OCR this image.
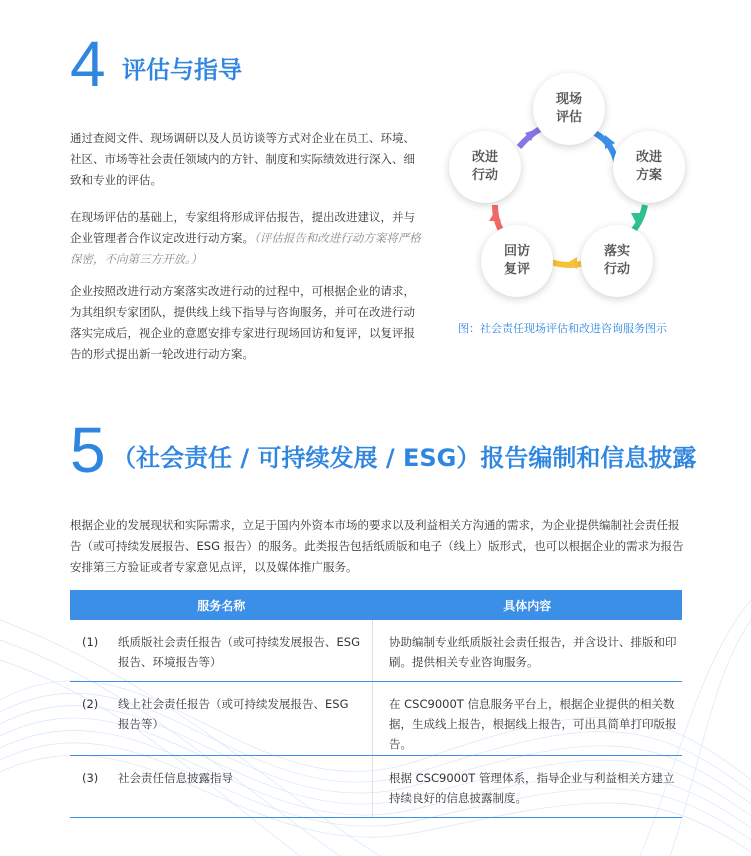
4 评估与指导
通过查阅文件、现场调研以及人员访谈等方式对企业在员工、环境、社区、市场等社会责任领域内的方针、制度和实际绩效进行深入、细致和专业的评估。
在现场评估的基础上，专家组将形成评估报告，提出改进建议，并与企业管理者合作议定改进行动方案。（评估报告和改进行动方案将严格保密，不向第三方开放。）
企业按照改进行动方案落实改进行动的过程中，可根据企业的请求，为其组织专家团队，提供线上线下指导与咨询服务，并可在改进行动落实完成后，视企业的意愿安排专家进行现场回访和复评，以复评报告的形式提出新一轮改进行动方案。
现场评估
改进方案
落实行动
回访复评
改进行动
图：社会责任现场评估和改进咨询服务图示
5 （社会责任 / 可持续发展 / ESG）报告编制和信息披露
根据企业的发展现状和实际需求，立足于国内外资本市场的要求以及利益相关方沟通的需求，为企业提供编制社会责任报告（或可持续发展报告、ESG 报告）的服务。此类报告包括纸质版和电子（线上）版形式，也可以根据企业的需求为报告安排第三方验证或者专家意见点评，以及媒体推广服务。
服务名称		具体内容
(1)	纸质版社会责任报告（或可持续发展报告、ESG 报告、环境报告等）	协助编制专业纸质版社会责任报告，并含设计、排版和印刷。提供相关专业咨询服务。
(2)	线上社会责任报告（或可持续发展报告、ESG 报告等）	在 CSC9000T 信息服务平台上，根据企业提供的相关数据，生成线上报告，根据线上报告，可出具简单打印版报告。
(3)	社会责任信息披露指导	根据 CSC9000T 管理体系，指导企业与利益相关方建立持续良好的信息披露制度。
